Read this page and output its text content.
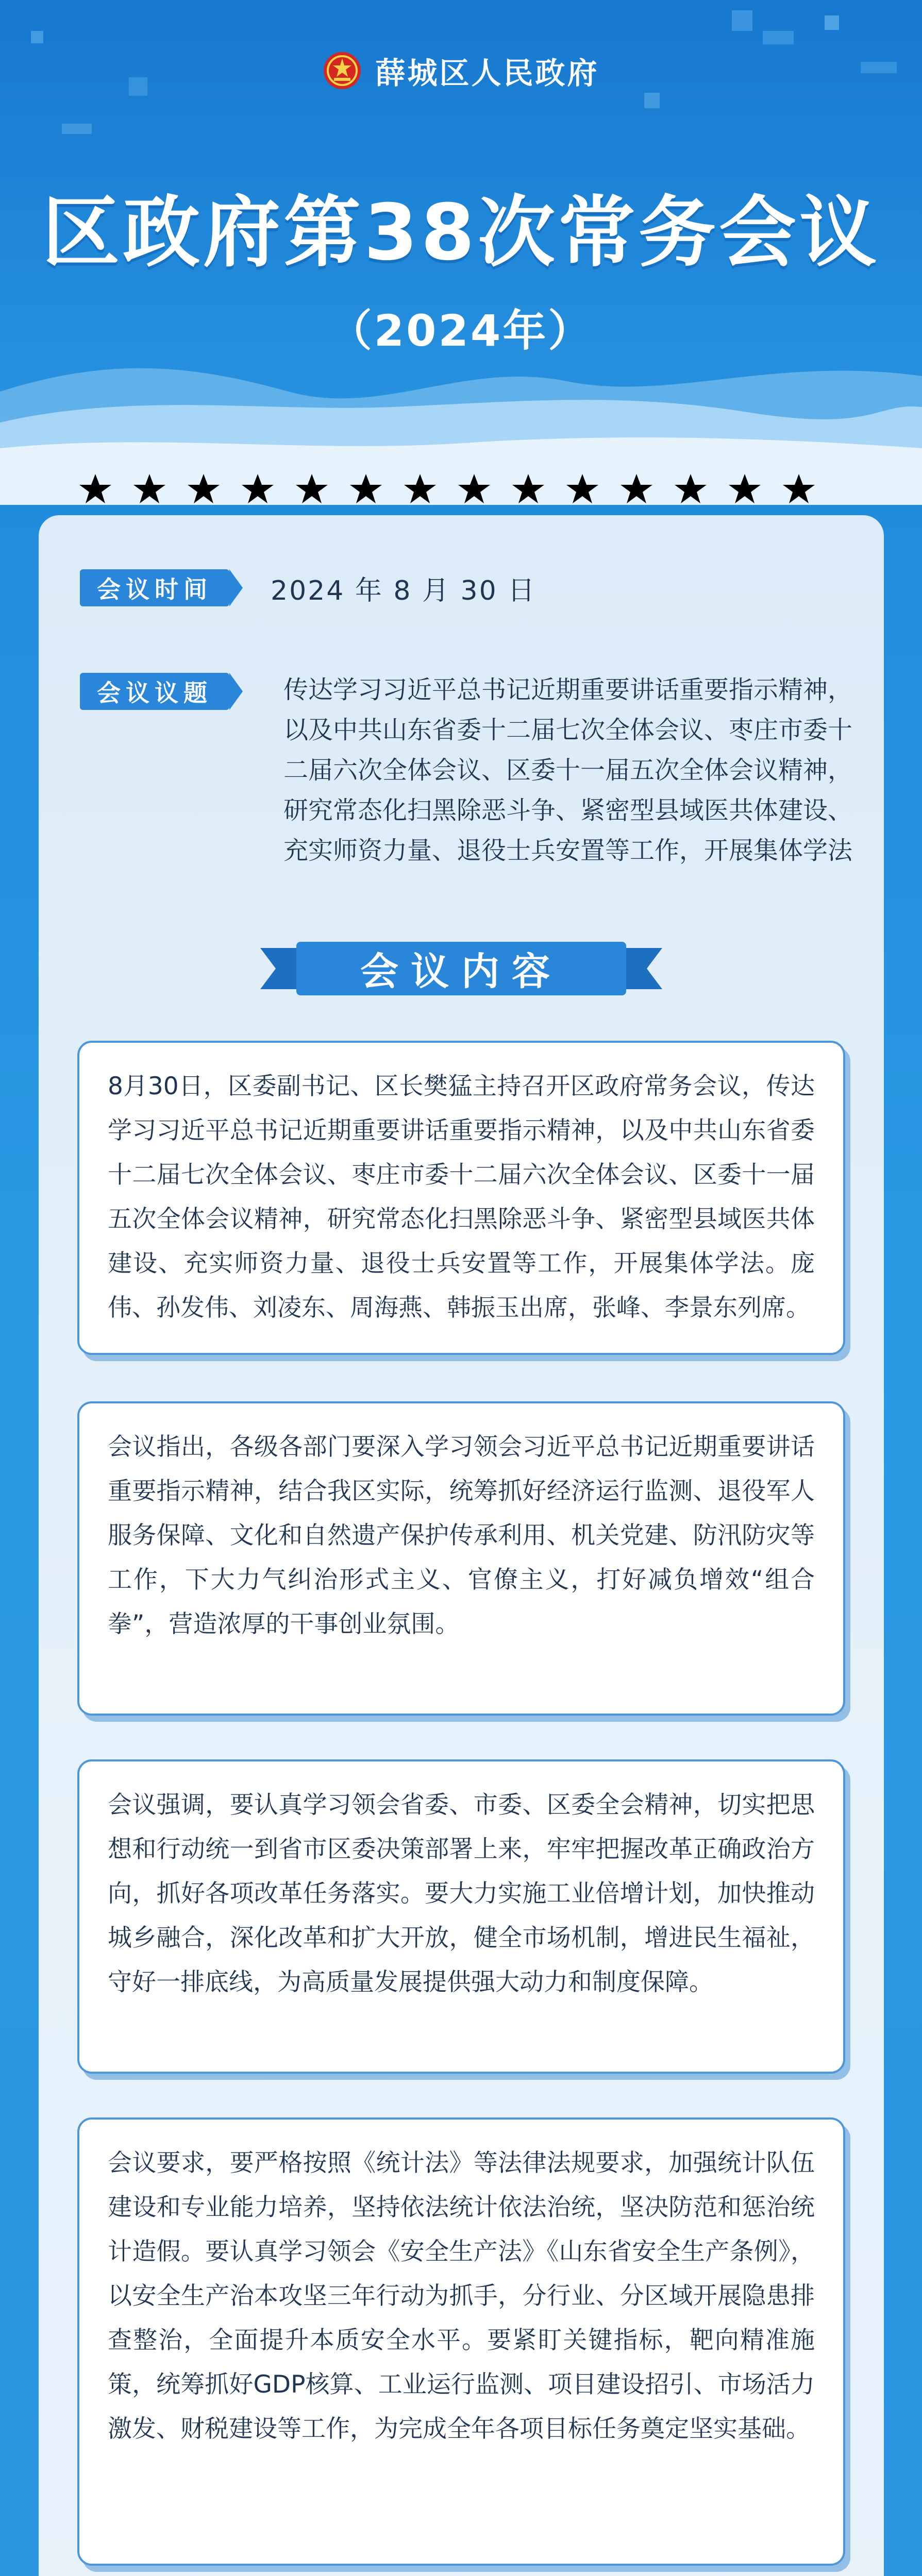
薛城区人民政府
区政府第38次常务会议
（2024年）
会议时间	2024 年 8 月 30 日
会议议题	传达学习习近平总书记近期重要讲话重要指示精神，以及中共山东省委十二届七次全体会议、枣庄市委十二届六次全体会议、区委十一届五次全体会议精神，研究常态化扫黑除恶斗争、紧密型县域医共体建设、充实师资力量、退役士兵安置等工作，开展集体学法
会议内容

8月30日，区委副书记、区长樊猛主持召开区政府常务会议，传达学习习近平总书记近期重要讲话重要指示精神，以及中共山东省委十二届七次全体会议、枣庄市委十二届六次全体会议、区委十一届五次全体会议精神，研究常态化扫黑除恶斗争、紧密型县域医共体建设、充实师资力量、退役士兵安置等工作，开展集体学法。庞伟、孙发伟、刘凌东、周海燕、韩振玉出席，张峰、李景东列席。

会议指出，各级各部门要深入学习领会习近平总书记近期重要讲话重要指示精神，结合我区实际，统筹抓好经济运行监测、退役军人服务保障、文化和自然遗产保护传承利用、机关党建、防汛防灾等工作，下大力气纠治形式主义、官僚主义，打好减负增效“组合拳”，营造浓厚的干事创业氛围。

会议强调，要认真学习领会省委、市委、区委全会精神，切实把思想和行动统一到省市区委决策部署上来，牢牢把握改革正确政治方向，抓好各项改革任务落实。要大力实施工业倍增计划，加快推动城乡融合，深化改革和扩大开放，健全市场机制，增进民生福祉，守好一排底线，为高质量发展提供强大动力和制度保障。

会议要求，要严格按照《统计法》等法律法规要求，加强统计队伍建设和专业能力培养，坚持依法统计依法治统，坚决防范和惩治统计造假。要认真学习领会《安全生产法》《山东省安全生产条例》，以安全生产治本攻坚三年行动为抓手，分行业、分区域开展隐患排查整治，全面提升本质安全水平。要紧盯关键指标，靶向精准施策，统筹抓好GDP核算、工业运行监测、项目建设招引、市场活力激发、财税建设等工作，为完成全年各项目标任务奠定坚实基础。
